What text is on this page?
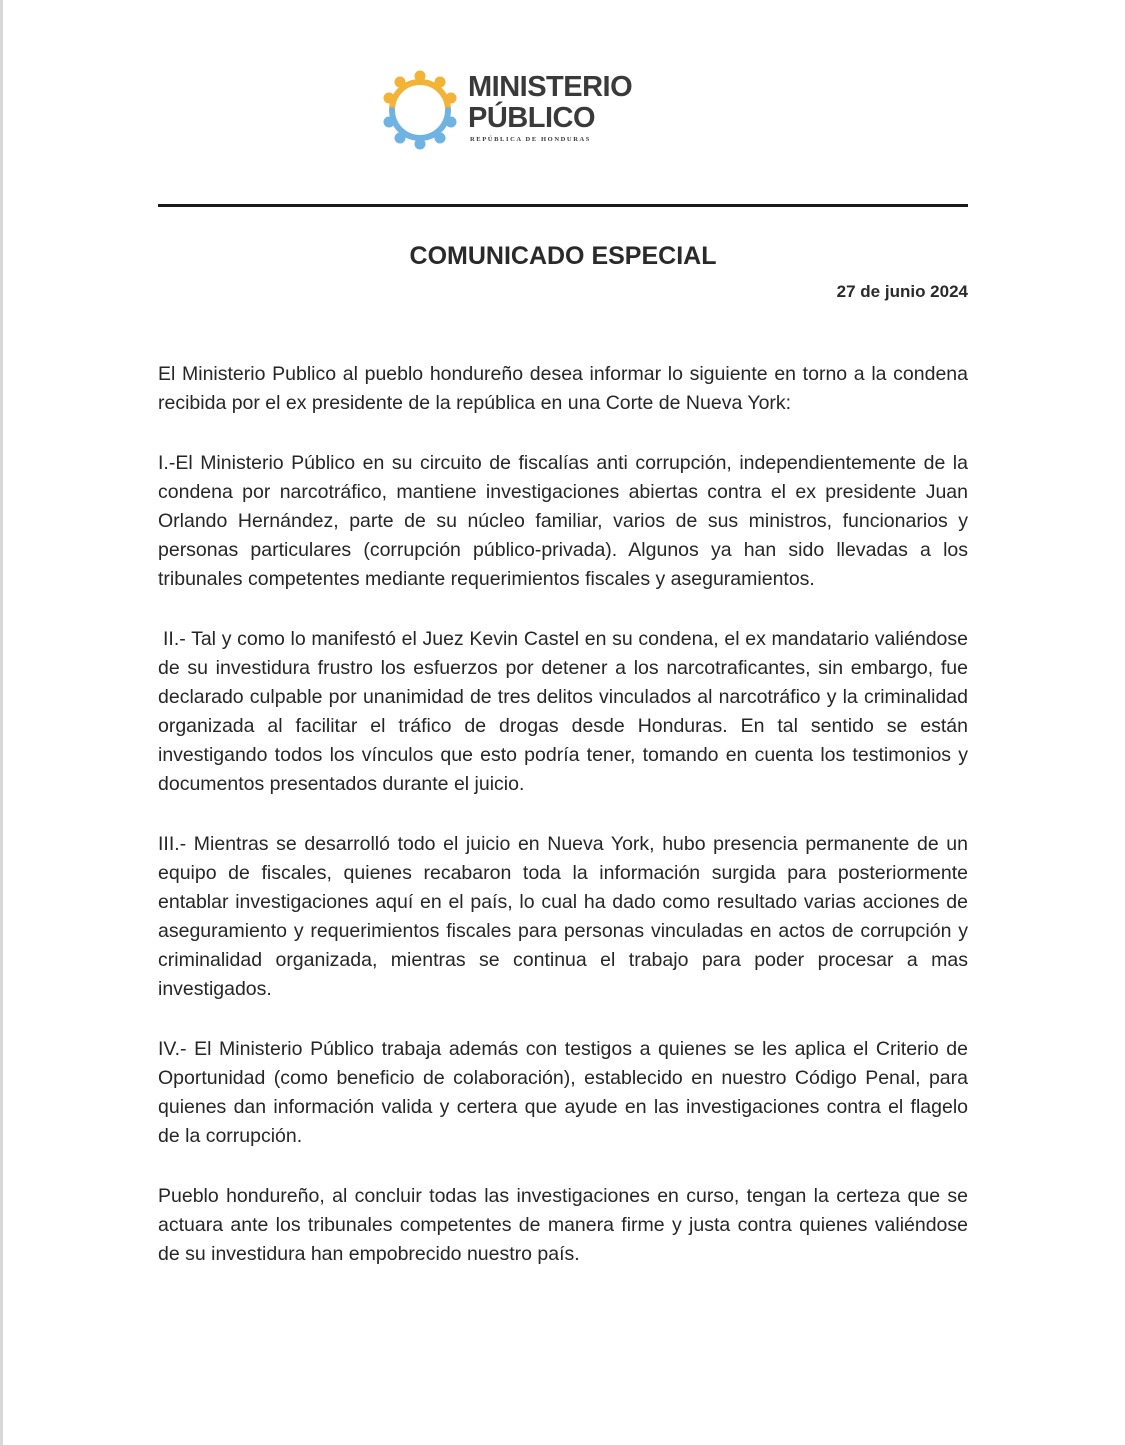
MINISTERIO
PÚBLICO
REPÚBLICA DE HONDURAS
COMUNICADO ESPECIAL
27 de junio 2024

El Ministerio Publico al pueblo hondureño desea informar lo siguiente en torno a la condena recibida por el ex presidente de la república en una Corte de Nueva York:

I.-El Ministerio Público en su circuito de fiscalías anti corrupción, independientemente de la condena por narcotráfico, mantiene investigaciones abiertas contra el ex presidente Juan Orlando Hernández, parte de su núcleo familiar, varios de sus ministros, funcionarios y personas particulares (corrupción público-privada). Algunos ya han sido llevadas a los tribunales competentes mediante requerimientos fiscales y aseguramientos.

II.- Tal y como lo manifestó el Juez Kevin Castel en su condena, el ex mandatario valiéndose de su investidura frustro los esfuerzos por detener a los narcotraficantes, sin embargo, fue declarado culpable por unanimidad de tres delitos vinculados al narcotráfico y la criminalidad organizada al facilitar el tráfico de drogas desde Honduras. En tal sentido se están investigando todos los vínculos que esto podría tener, tomando en cuenta los testimonios y documentos presentados durante el juicio.

III.- Mientras se desarrolló todo el juicio en Nueva York, hubo presencia permanente de un equipo de fiscales, quienes recabaron toda la información surgida para posteriormente entablar investigaciones aquí en el país, lo cual ha dado como resultado varias acciones de aseguramiento y requerimientos fiscales para personas vinculadas en actos de corrupción y criminalidad organizada, mientras se continua el trabajo para poder procesar a mas investigados.

IV.- El Ministerio Público trabaja además con testigos a quienes se les aplica el Criterio de Oportunidad (como beneficio de colaboración), establecido en nuestro Código Penal, para quienes dan información valida y certera que ayude en las investigaciones contra el flagelo de la corrupción.

Pueblo hondureño, al concluir todas las investigaciones en curso, tengan la certeza que se actuara ante los tribunales competentes de manera firme y justa contra quienes valiéndose de su investidura han empobrecido nuestro país.
